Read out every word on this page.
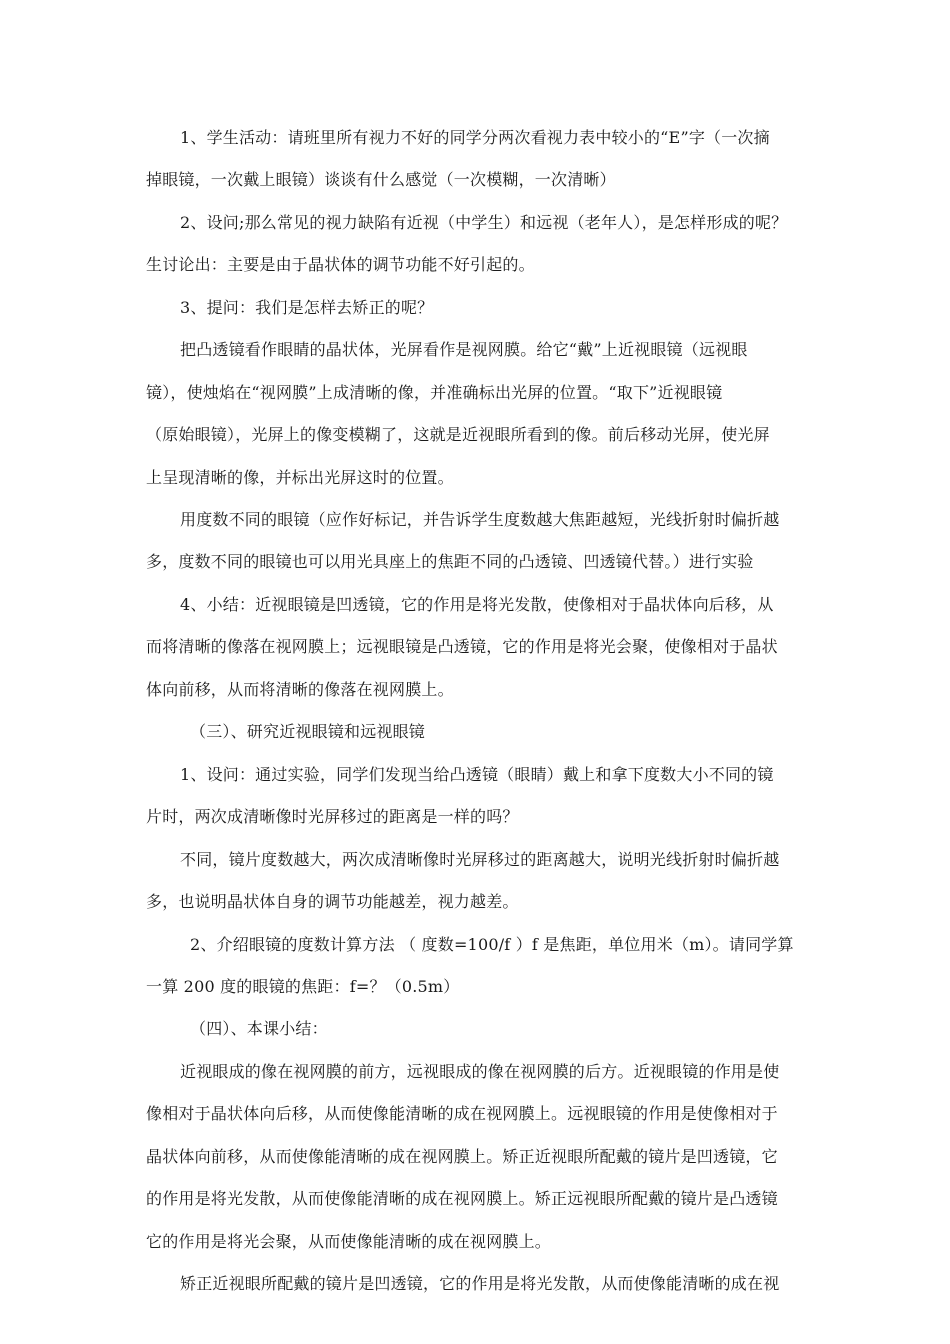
1、学生活动：请班里所有视力不好的同学分两次看视力表中较小的“E”字（一次摘
掉眼镜，一次戴上眼镜）谈谈有什么感觉（一次模糊，一次清晰）
2、设问;那么常见的视力缺陷有近视（中学生）和远视（老年人），是怎样形成的呢？
生讨论出：主要是由于晶状体的调节功能不好引起的。
3、提问：我们是怎样去矫正的呢？
把凸透镜看作眼睛的晶状体，光屏看作是视网膜。给它“戴”上近视眼镜（远视眼
镜），使烛焰在“视网膜”上成清晰的像，并准确标出光屏的位置。“取下”近视眼镜
（原始眼镜），光屏上的像变模糊了，这就是近视眼所看到的像。前后移动光屏，使光屏
上呈现清晰的像，并标出光屏这时的位置。
用度数不同的眼镜（应作好标记，并告诉学生度数越大焦距越短，光线折射时偏折越
多，度数不同的眼镜也可以用光具座上的焦距不同的凸透镜、凹透镜代替。）进行实验
4、小结：近视眼镜是凹透镜，它的作用是将光发散，使像相对于晶状体向后移，从
而将清晰的像落在视网膜上；远视眼镜是凸透镜，它的作用是将光会聚，使像相对于晶状
体向前移，从而将清晰的像落在视网膜上。
（三）、研究近视眼镜和远视眼镜
1、设问：通过实验，同学们发现当给凸透镜（眼睛）戴上和拿下度数大小不同的镜
片时，两次成清晰像时光屏移过的距离是一样的吗？
不同，镜片度数越大，两次成清晰像时光屏移过的距离越大，说明光线折射时偏折越
多，也说明晶状体自身的调节功能越差，视力越差。
2、介绍眼镜的度数计算方法 （ 度数=100/f ）f 是焦距，单位用米（m）。请同学算
一算 200 度的眼镜的焦距：f=？（0.5m）
（四）、本课小结：
近视眼成的像在视网膜的前方，远视眼成的像在视网膜的后方。近视眼镜的作用是使
像相对于晶状体向后移，从而使像能清晰的成在视网膜上。远视眼镜的作用是使像相对于
晶状体向前移，从而使像能清晰的成在视网膜上。矫正近视眼所配戴的镜片是凹透镜，它
的作用是将光发散，从而使像能清晰的成在视网膜上。矫正远视眼所配戴的镜片是凸透镜
它的作用是将光会聚，从而使像能清晰的成在视网膜上。
矫正近视眼所配戴的镜片是凹透镜，它的作用是将光发散，从而使像能清晰的成在视
